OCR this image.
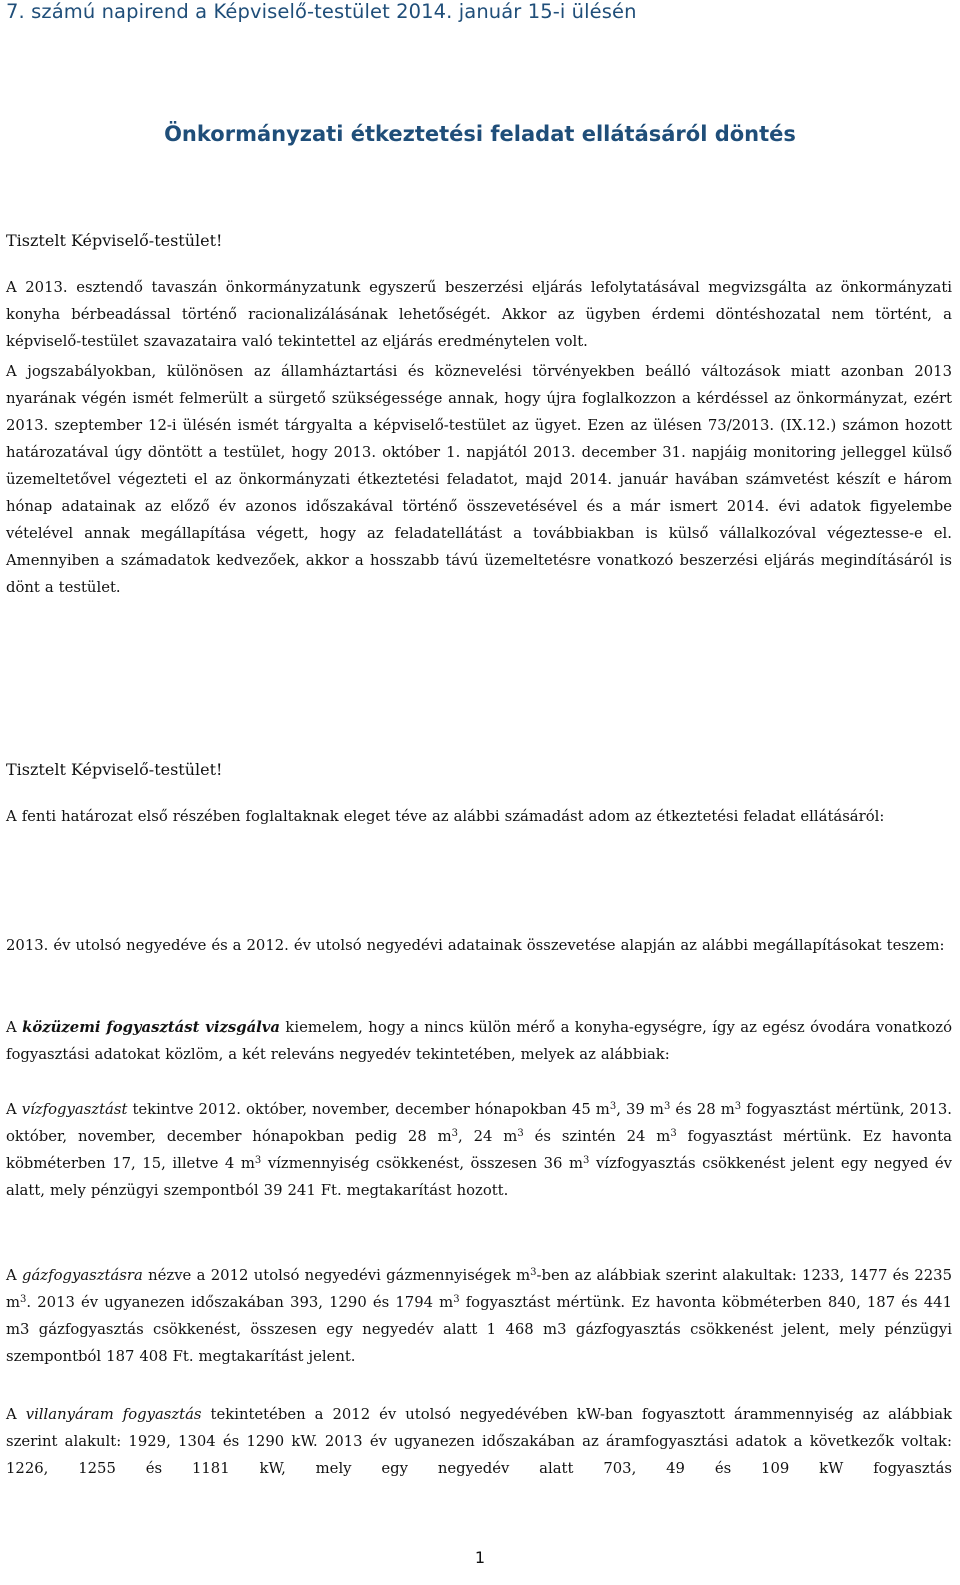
7. számú napirend a Képviselő-testület 2014. január 15-i ülésén
Önkormányzati étkeztetési feladat ellátásáról döntés
Tisztelt Képviselő-testület!
A 2013. esztendő tavaszán önkormányzatunk egyszerű beszerzési eljárás lefolytatásával megvizsgálta az önkormányzati konyha bérbeadással történő racionalizálásának lehetőségét. Akkor az ügyben érdemi döntéshozatal nem történt, a képviselő-testület szavazataira való tekintettel az eljárás eredménytelen volt.
A jogszabályokban, különösen az államháztartási és köznevelési törvényekben beálló változások miatt azonban 2013 nyarának végén ismét felmerült a sürgető szükségessége annak, hogy újra foglalkozzon a kérdéssel az önkormányzat, ezért 2013. szeptember 12-i ülésén ismét tárgyalta a képviselő-testület az ügyet. Ezen az ülésen 73/2013. (IX.12.) számon hozott határozatával úgy döntött a testület, hogy 2013. október 1. napjától 2013. december 31. napjáig monitoring jelleggel külső üzemeltetővel végezteti el az önkormányzati étkeztetési feladatot, majd 2014. január havában számvetést készít e három hónap adatainak az előző év azonos időszakával történő összevetésével és a már ismert 2014. évi adatok figyelembe vételével annak megállapítása végett, hogy az feladatellátást a továbbiakban is külső vállalkozóval végeztesse-e el. Amennyiben a számadatok kedvezőek, akkor a hosszabb távú üzemeltetésre vonatkozó beszerzési eljárás megindításáról is dönt a testület.
Tisztelt Képviselő-testület!
A fenti határozat első részében foglaltaknak eleget téve az alábbi számadást adom az étkeztetési feladat ellátásáról:
2013. év utolsó negyedéve és a 2012. év utolsó negyedévi adatainak összevetése alapján az alábbi megállapításokat teszem:
A közüzemi fogyasztást vizsgálva kiemelem, hogy a nincs külön mérő a konyha-egységre, így az egész óvodára vonatkozó fogyasztási adatokat közlöm, a két releváns negyedév tekintetében, melyek az alábbiak:
A vízfogyasztást tekintve 2012. október, november, december hónapokban 45 $m^3$, 39 $m^3$ és 28 $m^3$ fogyasztást mértünk, 2013. október, november, december hónapokban pedig 28 $m^3$, 24 $m^3$ és szintén 24 $m^3$ fogyasztást mértünk. Ez havonta köbméterben 17, 15, illetve 4 $m^3$ vízmennyiség csökkenést, összesen 36 $m^3$ vízfogyasztás csökkenést jelent egy negyed év alatt, mely pénzügyi szempontból 39 241 Ft. megtakarítást hozott.
A gázfogyasztásra nézve a 2012 utolsó negyedévi gázmennyiségek $m^3$-ben az alábbiak szerint alakultak: 1233, 1477 és 2235 $m^3$. 2013 év ugyanezen időszakában 393, 1290 és 1794 $m^3$ fogyasztást mértünk. Ez havonta köbméterben 840, 187 és 441 m3 gázfogyasztás csökkenést, összesen egy negyedév alatt 1 468 m3 gázfogyasztás csökkenést jelent, mely pénzügyi szempontból 187 408 Ft. megtakarítást jelent.
A villanyáram fogyasztás tekintetében a 2012 év utolsó negyedévében kW-ban fogyasztott árammennyiség az alábbiak szerint alakult: 1929, 1304 és 1290 kW. 2013 év ugyanezen időszakában az áramfogyasztási adatok a következők voltak: 1226, 1255 és 1181 kW, mely egy negyedév alatt 703, 49 és 109 kW fogyasztás
1
